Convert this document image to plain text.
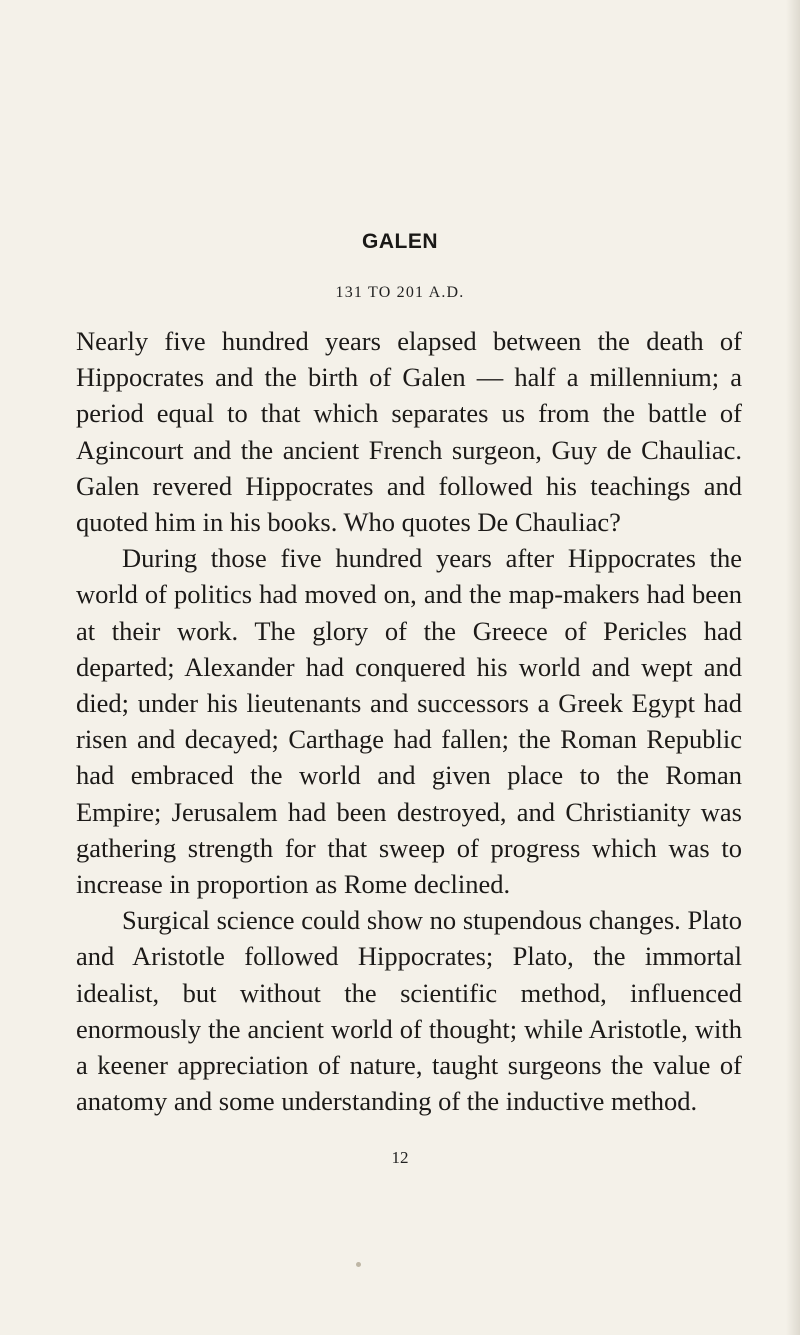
GALEN
131 TO 201 A.D.

Nearly five hundred years elapsed between the death of Hippocrates and the birth of Galen — half a millennium; a period equal to that which separates us from the battle of Agincourt and the ancient French surgeon, Guy de Chauliac. Galen revered Hippocrates and followed his teachings and quoted him in his books. Who quotes De Chauliac?

During those five hundred years after Hippocrates the world of politics had moved on, and the map-makers had been at their work. The glory of the Greece of Pericles had departed; Alexander had conquered his world and wept and died; under his lieutenants and successors a Greek Egypt had risen and decayed; Carthage had fallen; the Roman Republic had embraced the world and given place to the Roman Empire; Jerusalem had been destroyed, and Christianity was gathering strength for that sweep of progress which was to increase in proportion as Rome declined.

Surgical science could show no stupendous changes. Plato and Aristotle followed Hippocrates; Plato, the immortal idealist, but without the scientific method, influenced enormously the ancient world of thought; while Aristotle, with a keener appreciation of nature, taught surgeons the value of anatomy and some understanding of the inductive method.

12
